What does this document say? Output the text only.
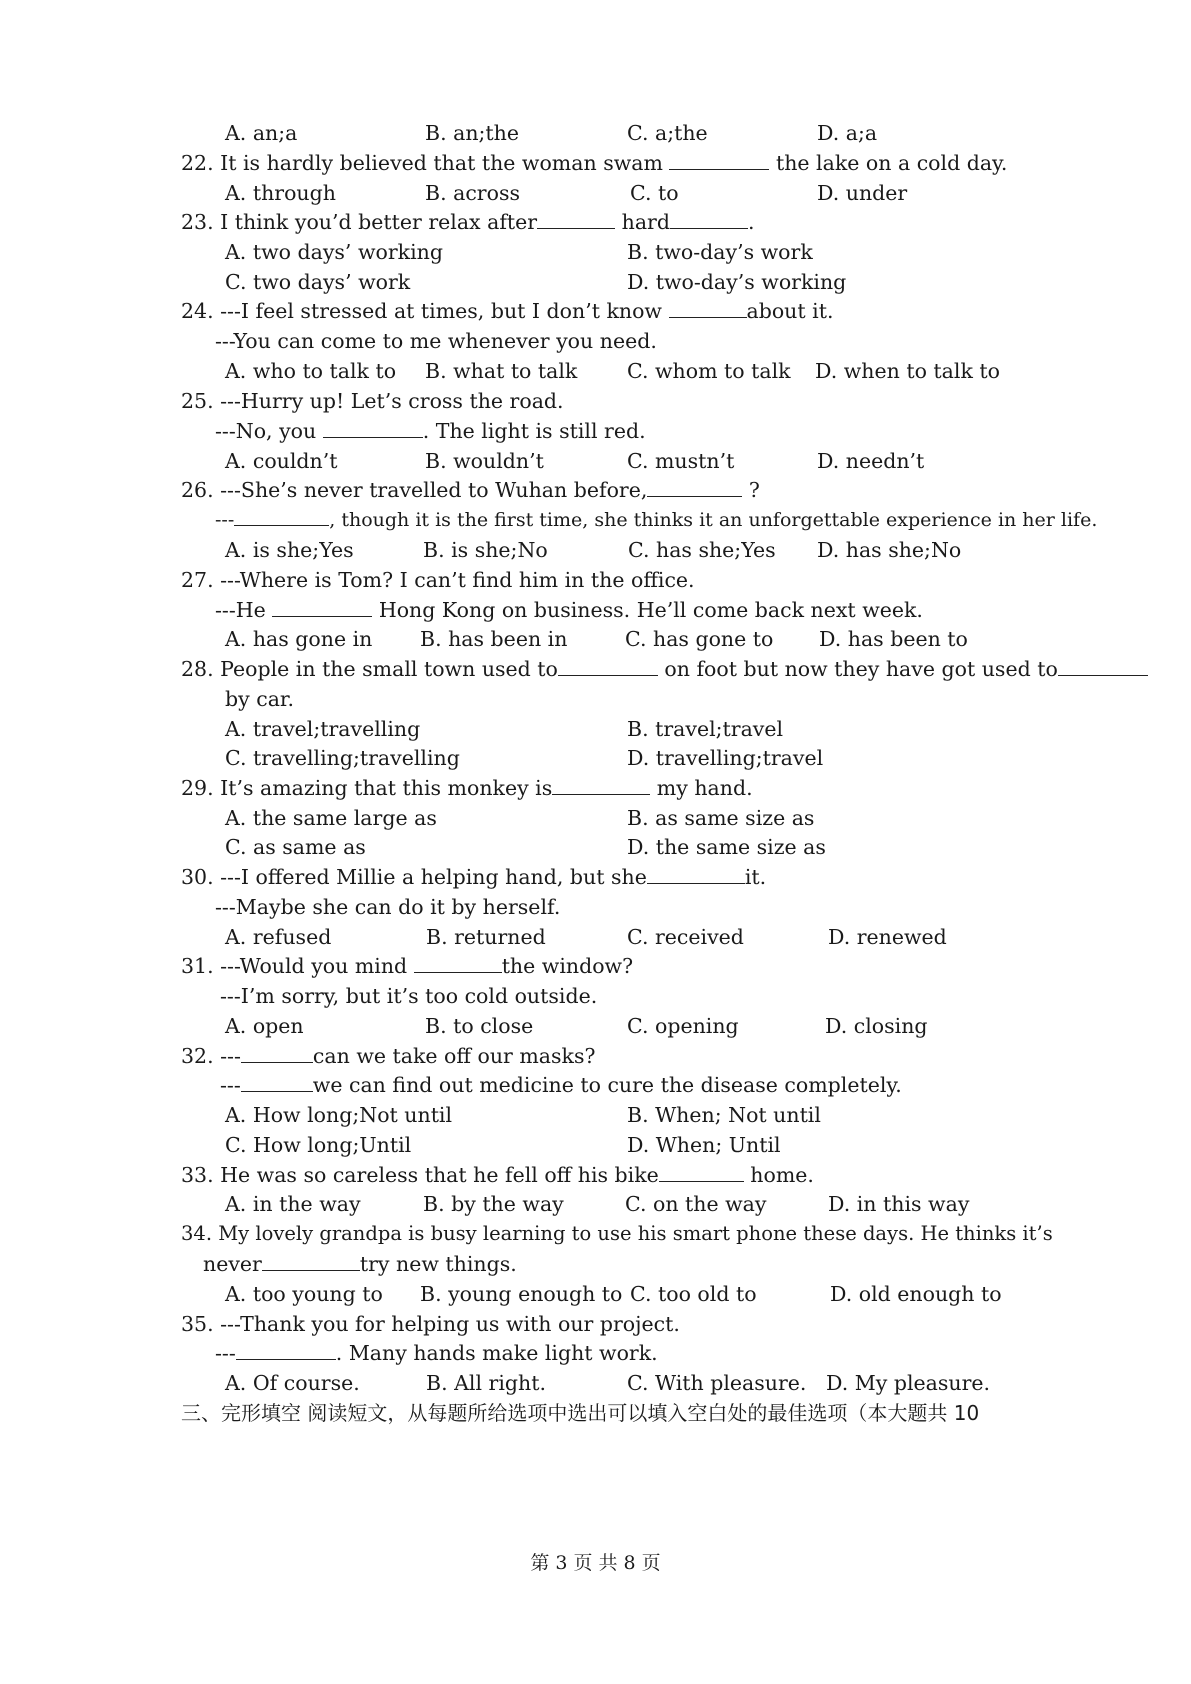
A. an;a	B. an;the	C. a;the	D. a;a
22. It is hardly believed that the woman swam	the lake on a cold day.
A. through	B. across	C. to	D. under
23. I think you’d better relax after	hard	.
A. two days’ working	B. two-day’s work
C. two days’ work	D. two-day’s working
24. ---I feel stressed at times, but I don’t know	about it.
---You can come to me whenever you need.
A. who to talk to B. what to talk C. whom to talk D. when to talk to
25. ---Hurry up! Let’s cross the road.
---No, you	. The light is still red.
A. couldn’t	B. wouldn’t	C. mustn’t	D. needn’t
26. ---She’s never travelled to Wuhan before,	?
---	, though it is the first time, she thinks it an unforgettable experience in her life.
A. is she;Yes	B. is she;No	C. has she;Yes D. has she;No
27. ---Where is Tom? I can’t find him in the office.
---He	Hong Kong on business. He’ll come back next week.
A. has gone in B. has been in	C. has gone to D. has been to
28. People in the small town used to	on foot but now they have got used to
by car.
A. travel;travelling	B. travel;travel
C. travelling;travelling	D. travelling;travel
29. It’s amazing that this monkey is	my hand.
A. the same large as	B. as same size as
C. as same as	D. the same size as
30. ---I offered Millie a helping hand, but she	it.
---Maybe she can do it by herself.
A. refused	B. returned	C. received	D. renewed
31. ---Would you mind	the window?
---I’m sorry, but it’s too cold outside.
A. open	B. to close	C. opening	D. closing
32. ---	can we take off our masks?
---	we can find out medicine to cure the disease completely.
A. How long;Not until	B. When; Not until
C. How long;Until	D. When; Until
33. He was so careless that he fell off his bike	home.
A. in the way	B. by the way	C. on the way	D. in this way
34. My lovely grandpa is busy learning to use his smart phone these days. He thinks it’s
never	try new things.
A. too young to B. young enough to C. too old to	D. old enough to
35. ---Thank you for helping us with our project.
---	. Many hands make light work.
A. Of course.	B. All right.	C. With pleasure. D. My pleasure.
三、完形填空 阅读短文，从每题所给选项中选出可以填入空白处的最佳选项（本大题共 10
第 3 页 共 8 页
